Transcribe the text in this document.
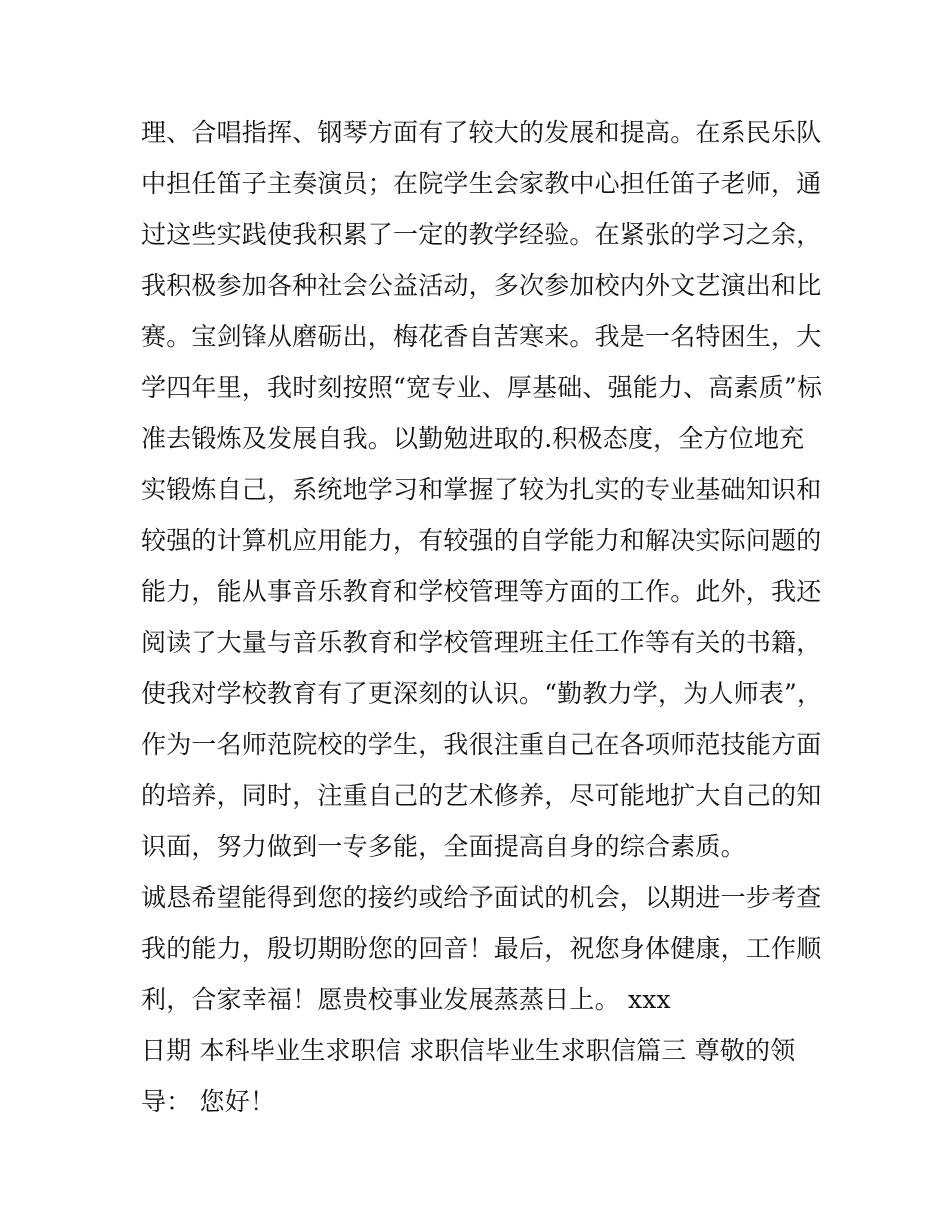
理、合唱指挥、钢琴方面有了较大的发展和提高。在系民乐队
中担任笛子主奏演员；在院学生会家教中心担任笛子老师，通
过这些实践使我积累了一定的教学经验。在紧张的学习之余，
我积极参加各种社会公益活动，多次参加校内外文艺演出和比
赛。宝剑锋从磨砺出，梅花香自苦寒来。我是一名特困生，大
学四年里，我时刻按照“宽专业、厚基础、强能力、高素质”标
准去锻炼及发展自我。以勤勉进取的.积极态度，全方位地充
实锻炼自己，系统地学习和掌握了较为扎实的专业基础知识和
较强的计算机应用能力，有较强的自学能力和解决实际问题的
能力，能从事音乐教育和学校管理等方面的工作。此外，我还
阅读了大量与音乐教育和学校管理班主任工作等有关的书籍，
使我对学校教育有了更深刻的认识。“勤教力学，为人师表”，
作为一名师范院校的学生，我很注重自己在各项师范技能方面
的培养，同时，注重自己的艺术修养，尽可能地扩大自己的知
识面，努力做到一专多能，全面提高自身的综合素质。
诚恳希望能得到您的接约或给予面试的机会，以期进一步考查
我的能力，殷切期盼您的回音！最后，祝您身体健康，工作顺
利，合家幸福！愿贵校事业发展蒸蒸日上。 xxx
日期 本科毕业生求职信 求职信毕业生求职信篇三 尊敬的领
导： 您好！
